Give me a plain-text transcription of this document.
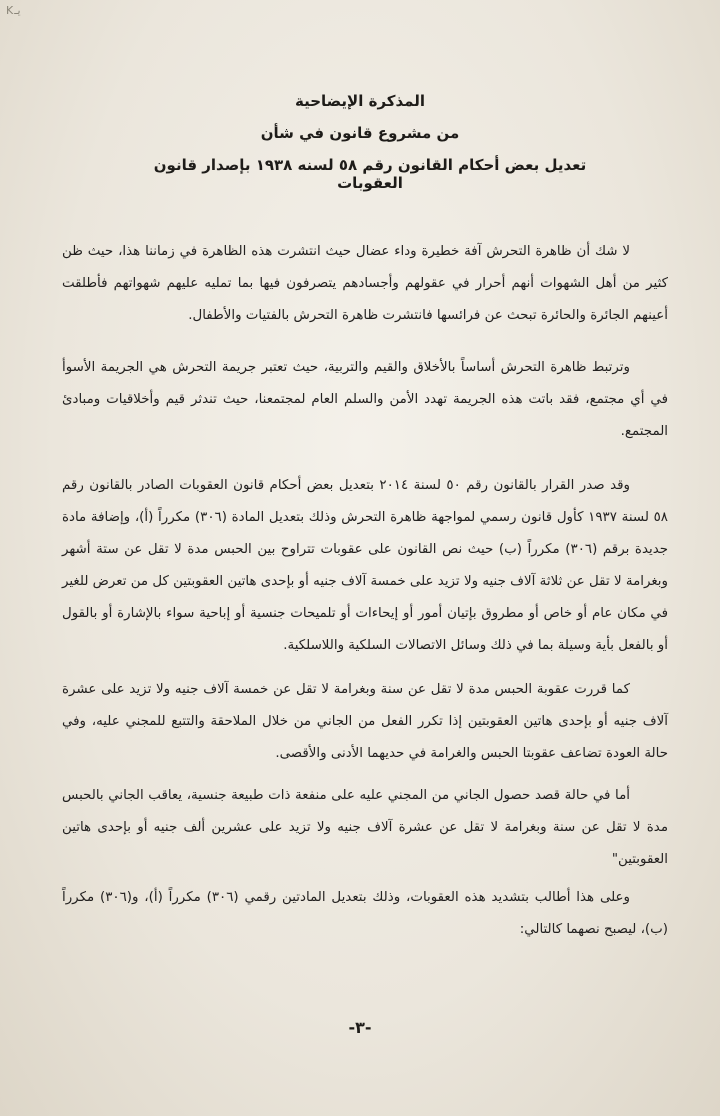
Kيـ
المذكرة الإيضاحية
من مشروع قانون في شأن
تعديل بعض أحكام القانون رقم ٥٨ لسنه ١٩٣٨ بإصدار قانون العقوبات

لا شك أن ظاهرة التحرش آفة خطيرة وداء عضال حيث انتشرت هذه الظاهرة في زماننا هذا، حيث ظن كثير من أهل الشهوات أنهم أحرار في عقولهم وأجسادهم يتصرفون فيها بما تمليه عليهم شهواتهم فأطلقت أعينهم الجائرة والحائرة تبحث عن فرائسها فانتشرت ظاهرة التحرش بالفتيات والأطفال.

وترتبط ظاهرة التحرش أساساً بالأخلاق والقيم والتربية، حيث تعتبر جريمة التحرش هي الجريمة الأسوأ في أي مجتمع، فقد باتت هذه الجريمة تهدد الأمن والسلم العام لمجتمعنا، حيث تندثر قيم وأخلاقيات ومبادئ المجتمع.

وقد صدر القرار بالقانون رقم ٥٠ لسنة ٢٠١٤ بتعديل بعض أحكام قانون العقوبات الصادر بالقانون رقم ٥٨ لسنة ١٩٣٧ كأول قانون رسمي لمواجهة ظاهرة التحرش وذلك بتعديل المادة (٣٠٦) مكرراً (أ)، وإضافة مادة جديدة برقم (٣٠٦) مكرراً (ب) حيث نص القانون على عقوبات تتراوح بين الحبس مدة لا تقل عن ستة أشهر وبغرامة لا تقل عن ثلاثة آلاف جنيه ولا تزيد على خمسة آلاف جنيه أو بإحدى هاتين العقوبتين كل من تعرض للغير في مكان عام أو خاص أو مطروق بإتيان أمور أو إيحاءات أو تلميحات جنسية أو إباحية سواء بالإشارة أو بالقول أو بالفعل بأية وسيلة بما في ذلك وسائل الاتصالات السلكية واللاسلكية.

كما قررت عقوبة الحبس مدة لا تقل عن سنة وبغرامة لا تقل عن خمسة آلاف جنيه ولا تزيد على عشرة آلاف جنيه أو بإحدى هاتين العقوبتين إذا تكرر الفعل من الجاني من خلال الملاحقة والتتبع للمجني عليه، وفي حالة العودة تضاعف عقوبتا الحبس والغرامة في حديهما الأدنى والأقصى.

أما في حالة قصد حصول الجاني من المجني عليه على منفعة ذات طبيعة جنسية، يعاقب الجاني بالحبس مدة لا تقل عن سنة وبغرامة لا تقل عن عشرة آلاف جنيه ولا تزيد على عشرين ألف جنيه أو بإحدى هاتين العقوبتين"

وعلى هذا أطالب بتشديد هذه العقوبات، وذلك بتعديل المادتين رقمي (٣٠٦) مكرراً (أ)، و(٣٠٦) مكرراً (ب)، ليصبح نصهما كالتالي:

-٣-
